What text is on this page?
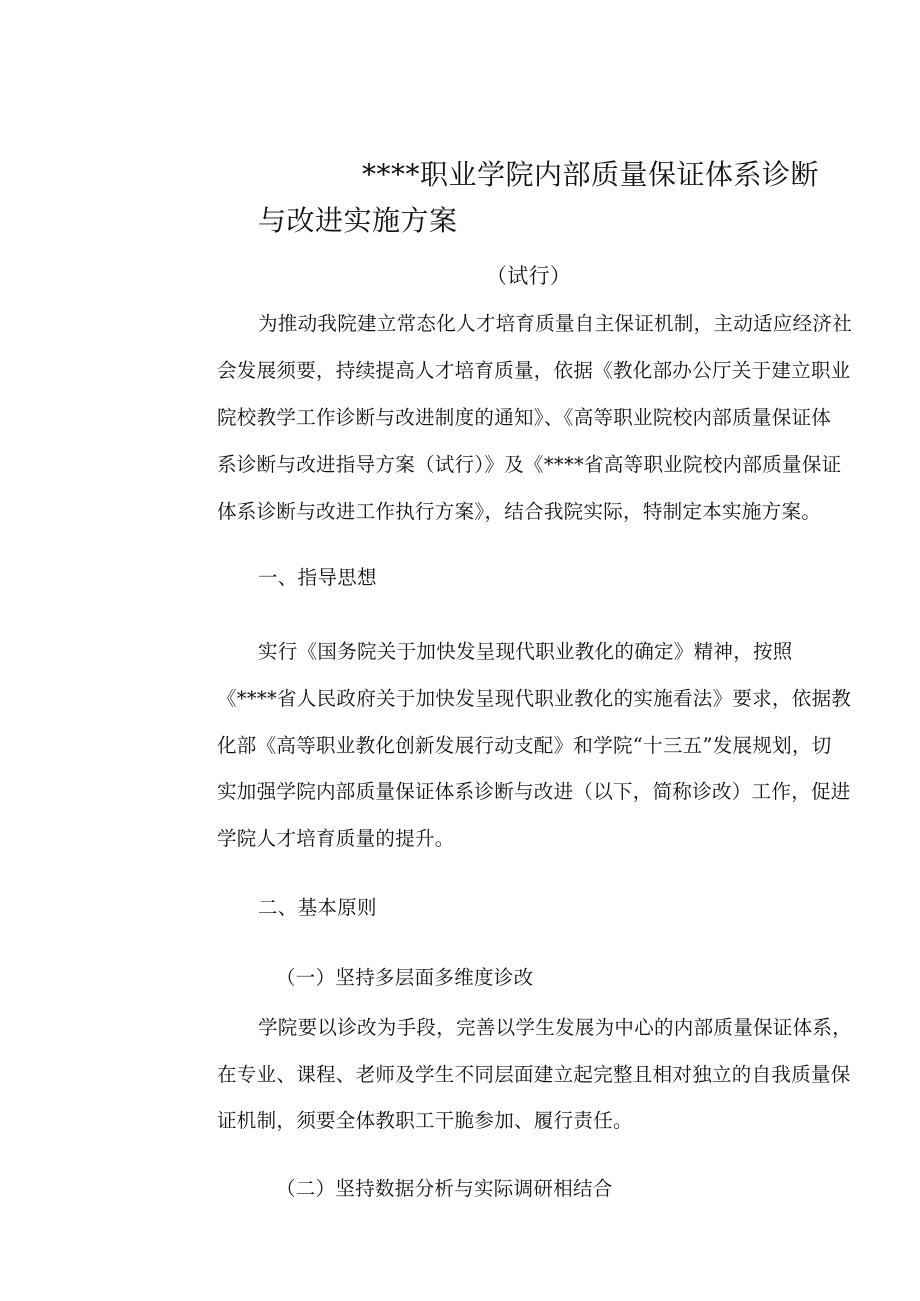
****职业学院内部质量保证体系诊断
与改进实施方案
（试行）
为推动我院建立常态化人才培育质量自主保证机制，主动适应经济社
会发展须要，持续提高人才培育质量，依据《教化部办公厅关于建立职业
院校教学工作诊断与改进制度的通知》、《高等职业院校内部质量保证体
系诊断与改进指导方案（试行）》及《****省高等职业院校内部质量保证
体系诊断与改进工作执行方案》，结合我院实际，特制定本实施方案。
一、指导思想
实行《国务院关于加快发呈现代职业教化的确定》精神，按照
《****省人民政府关于加快发呈现代职业教化的实施看法》要求，依据教
化部《高等职业教化创新发展行动支配》和学院“十三五”发展规划，切
实加强学院内部质量保证体系诊断与改进（以下，简称诊改）工作，促进
学院人才培育质量的提升。
二、基本原则
（一）坚持多层面多维度诊改
学院要以诊改为手段，完善以学生发展为中心的内部质量保证体系，
在专业、课程、老师及学生不同层面建立起完整且相对独立的自我质量保
证机制，须要全体教职工干脆参加、履行责任。
（二）坚持数据分析与实际调研相结合
